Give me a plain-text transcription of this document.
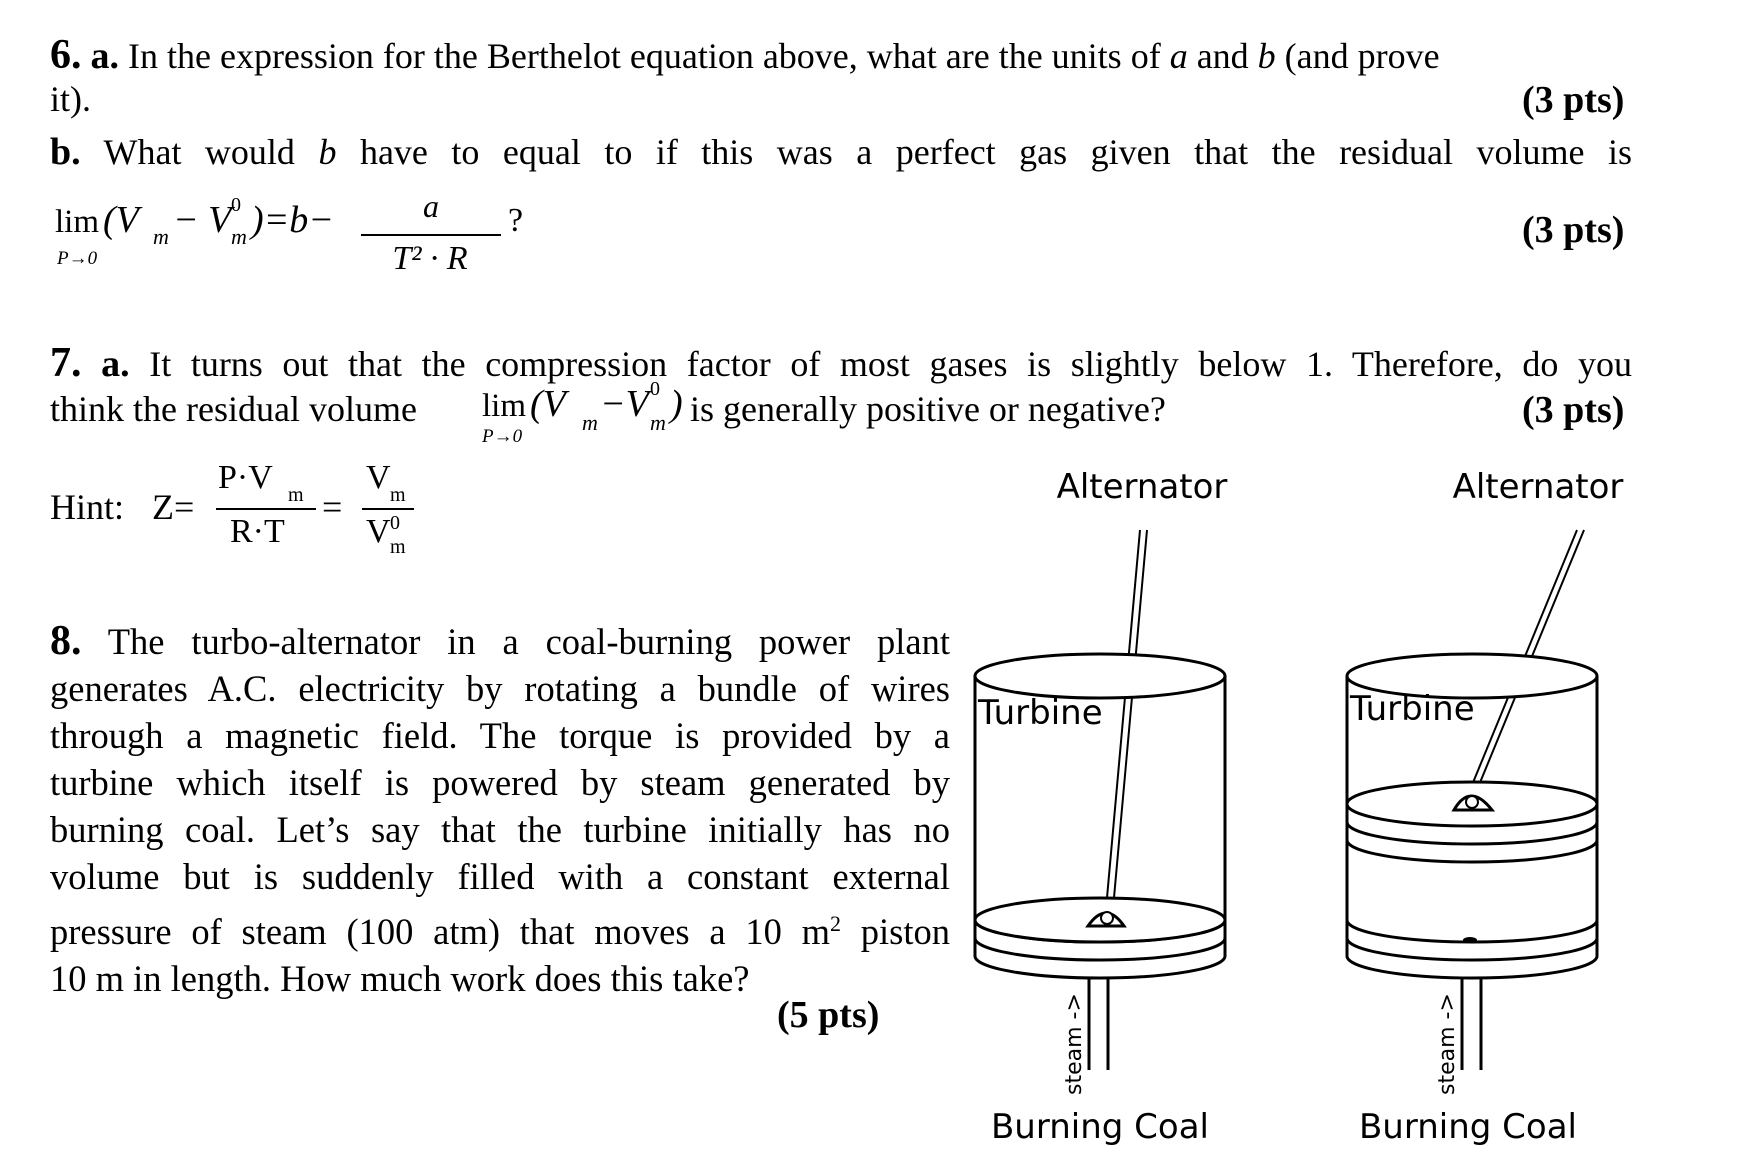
6. a. In the expression for the Berthelot equation above, what are the units of a and b (and prove
it).	(3 pts)
b. What would b have to equal to if this was a perfect gas given that the residual volume is
lim
P→0
(V m − V 0
m )=b−	a
T² · R
?	(3 pts)
7. a. It turns out that the compression factor of most gases is slightly below 1. Therefore, do you
think the residual volume lim
P→0
(V m −V 0
m ) is generally positive or negative?	(3 pts)
Hint: Z=
P·V m
R·T
=
V m
V 0
m
8. The turbo-alternator in a coal-burning power plant
generates A.C. electricity by rotating a bundle of wires
through a magnetic field. The torque is provided by a
turbine which itself is powered by steam generated by
burning coal. Let’s say that the turbine initially has no
volume but is suddenly filled with a constant external
pressure of steam (100 atm) that moves a 10 $m^2$ piston
10 m in length. How much work does this take?
(5 pts)
Alternator
Turbine
steam ->
Burning Coal
Alternator
Turbine
steam ->
Burning Coal
